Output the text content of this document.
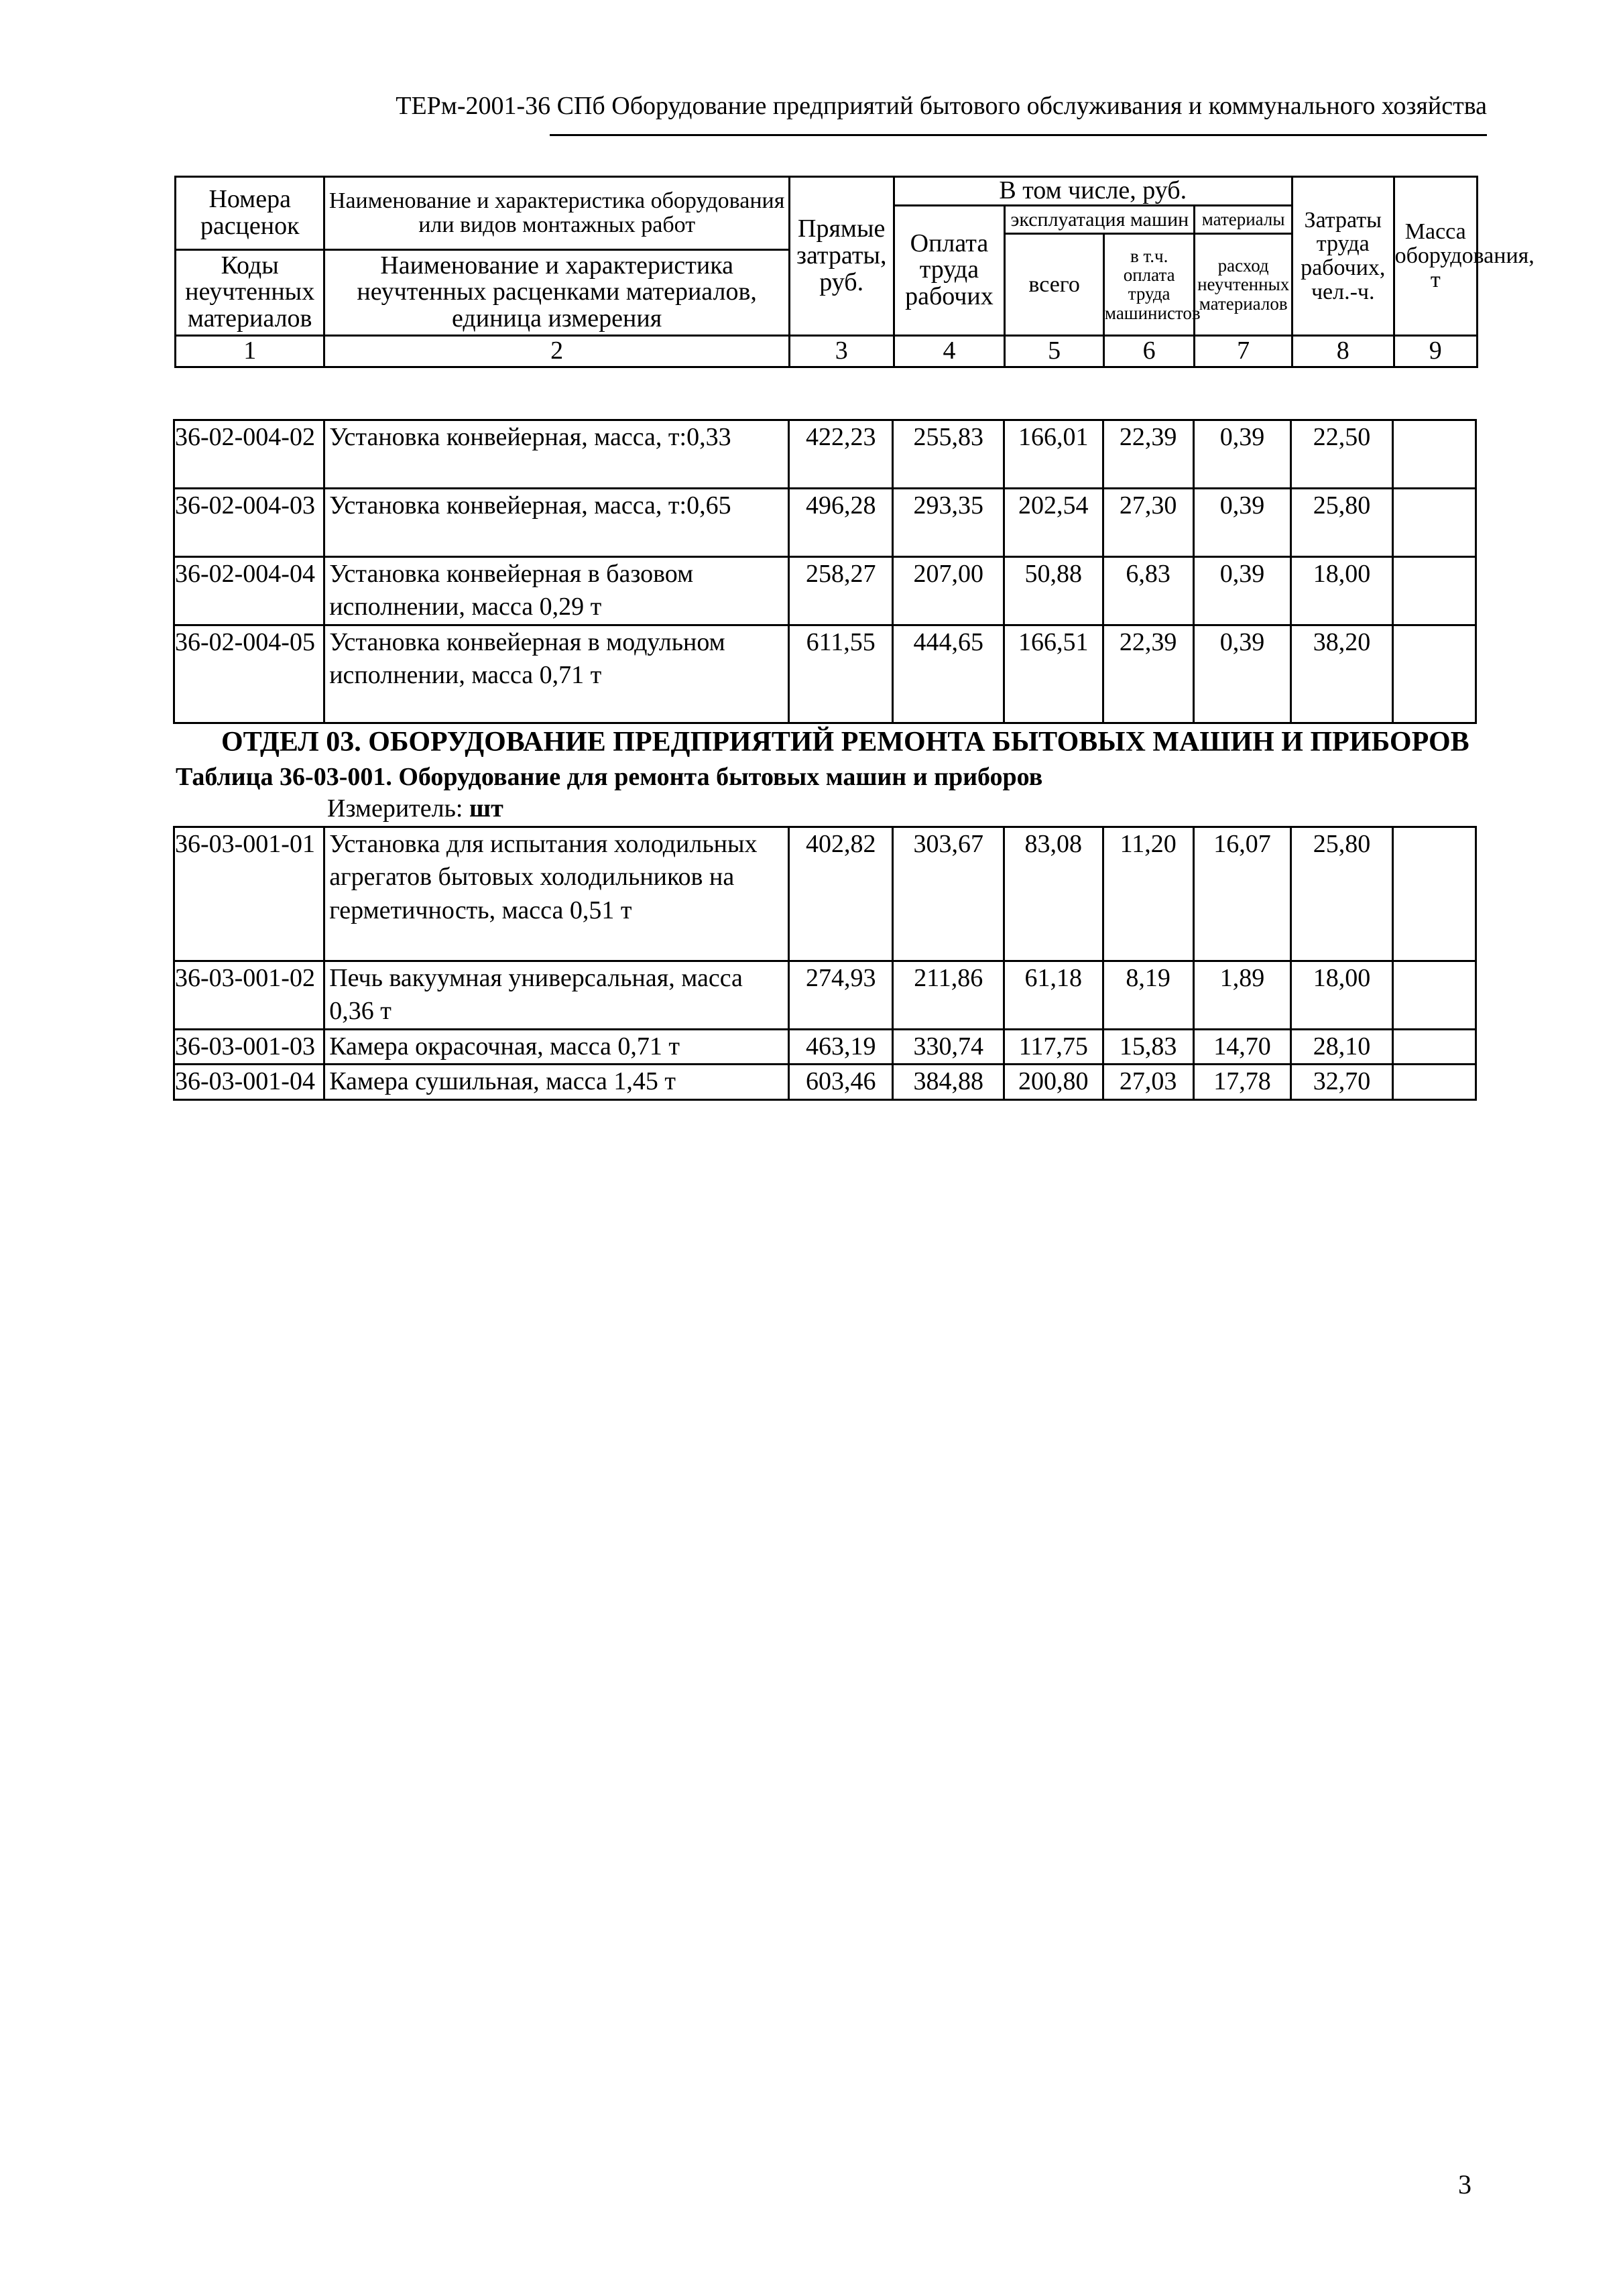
ТЕРм-2001-36 СПб Оборудование предприятий бытового обслуживания и коммунального хозяйства
Номера расценок	Наименование и характеристика оборудования или видов монтажных работ	Прямые затраты, руб.	В том числе, руб.				Затраты труда рабочих, чел.-ч.	Масса оборудования, т
			Оплата труда рабочих	эксплуатация машин		материалы		
				всего	в т.ч. оплата труда машинистов	расход неучтенных материалов		
Коды неучтенных материалов	Наименование и характеристика неучтенных расценками материалов, единица измерения							

1	2	3	4	5	6	7	8	9
36-02-004-02	Установка конвейерная, масса, т:0,33	422,23	255,83	166,01	22,39	0,39	22,50	
36-02-004-03	Установка конвейерная, масса, т:0,65	496,28	293,35	202,54	27,30	0,39	25,80	
36-02-004-04	Установка конвейерная в базовом исполнении, масса 0,29 т	258,27	207,00	50,88	6,83	0,39	18,00	
36-02-004-05	Установка конвейерная в модульном исполнении, масса 0,71 т	611,55	444,65	166,51	22,39	0,39	38,20	
ОТДЕЛ 03. ОБОРУДОВАНИЕ ПРЕДПРИЯТИЙ РЕМОНТА БЫТОВЫХ МАШИН И ПРИБОРОВ
Таблица 36-03-001. Оборудование для ремонта бытовых машин и приборов
Измеритель: шт
36-03-001-01	Установка для испытания холодильных агрегатов бытовых холодильников на герметичность, масса 0,51 т	402,82	303,67	83,08	11,20	16,07	25,80	
36-03-001-02	Печь вакуумная универсальная, масса 0,36 т	274,93	211,86	61,18	8,19	1,89	18,00	
36-03-001-03	Камера окрасочная, масса 0,71 т	463,19	330,74	117,75	15,83	14,70	28,10	
36-03-001-04	Камера сушильная, масса 1,45 т	603,46	384,88	200,80	27,03	17,78	32,70	
3
